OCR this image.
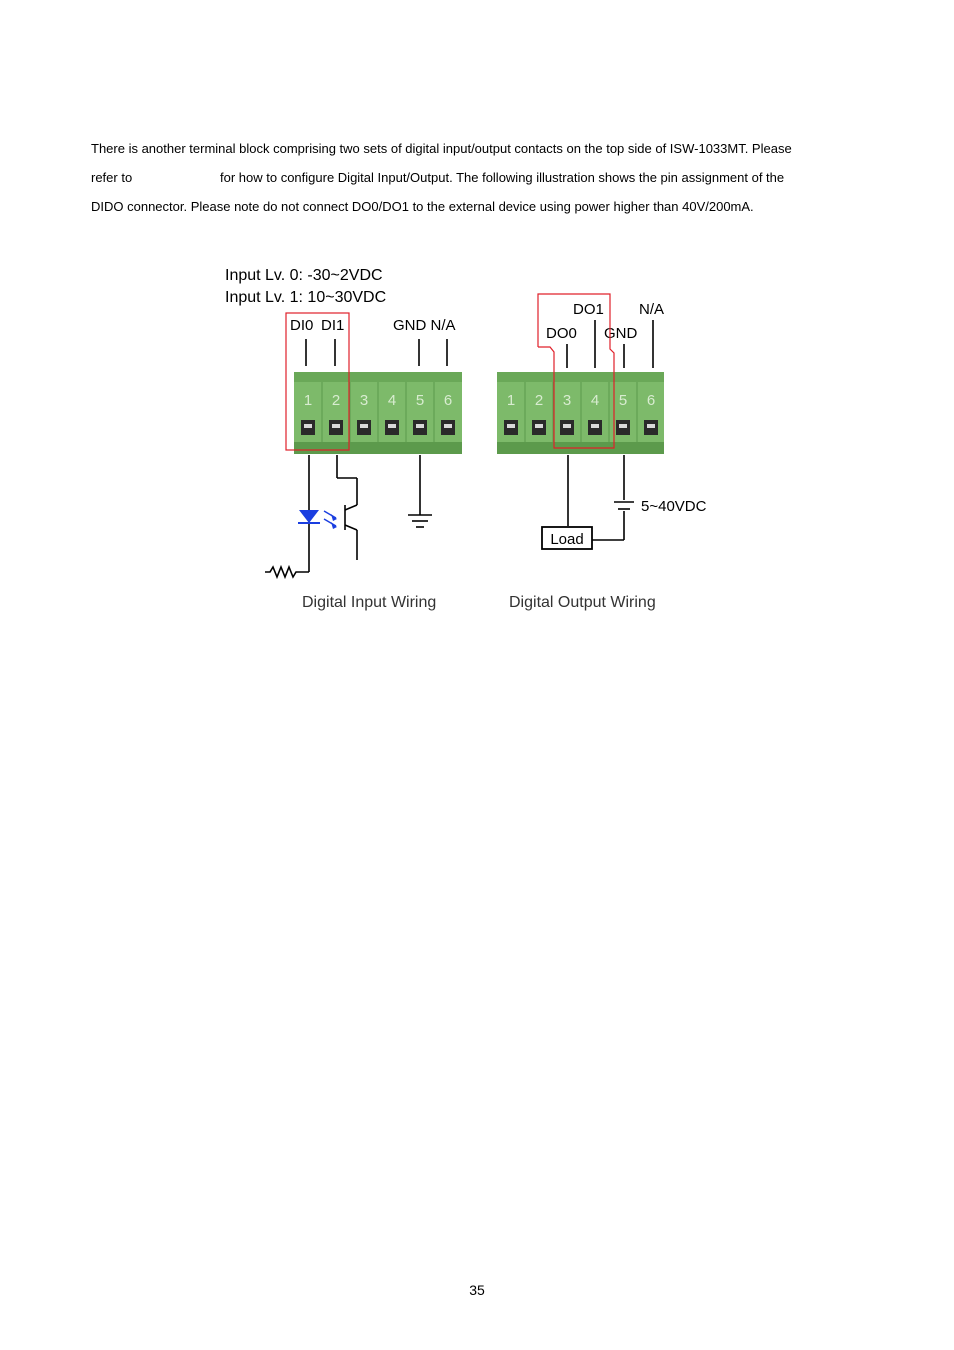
There is another terminal block comprising two sets of digital input/output contacts on the top side of ISW-1033MT. Please
refer to	for how to configure Digital Input/Output. The following illustration shows the pin assignment of the
DIDO connector. Please note do not connect DO0/DO1 to the external device using power higher than 40V/200mA.
Input Lv. 0: -30~2VDC
Input Lv. 1: 10~30VDC
DI0 DI1	GND N/A
1 2 3 4 5 6
DO1 N/A
DO0 GND
1 2 3 4 5 6
Load
5~40VDC
Digital Input Wiring	Digital Output Wiring
35
